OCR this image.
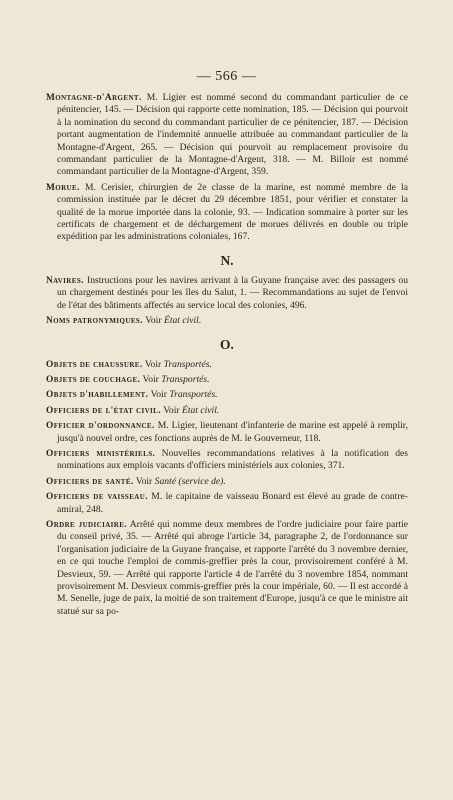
— 566 —

Montagne-d'Argent. M. Ligier est nommé second du commandant particulier de ce pénitencier, 145. — Décision qui rapporte cette nomination, 185. — Décision qui pourvoit à la nomination du second du commandant particulier de ce pénitencier, 187. — Décision portant augmentation de l'indemnité annuelle attribuée au commandant particulier de la Montagne-d'Argent, 265. — Décision qui pourvoit au remplacement provisoire du commandant particulier de la Montagne-d'Argent, 318. — M. Billoir est nommé commandant particulier de la Montagne-d'Argent, 359.

Morue. M. Cerisier, chirurgien de 2e classe de la marine, est nommé membre de la commission instituée par le décret du 29 décembre 1851, pour vérifier et constater la qualité de la morue importée dans la colonie, 93. — Indication sommaire à porter sur les certificats de chargement et de déchargement de morues délivrés en double ou triple expédition par les administrations coloniales, 167.

N.

Navires. Instructions pour les navires arrivant à la Guyane française avec des passagers ou un chargement destinés pour les îles du Salut, 1. — Recommandations au sujet de l'envoi de l'état des bâtiments affectés au service local des colonies, 496.

Noms patronymiques. Voir État civil.

O.

Objets de chaussure. Voir Transportés.

Objets de couchage. Voir Transportés.

Objets d'habillement. Voir Transportés.

Officiers de l'état civil. Voir État civil.

Officier d'ordonnance. M. Ligier, lieutenant d'infanterie de marine est appelé à remplir, jusqu'à nouvel ordre, ces fonctions auprès de M. le Gouverneur, 118.

Officiers ministériels. Nouvelles recommandations relatives à la notification des nominations aux emplois vacants d'officiers ministériels aux colonies, 371.

Officiers de santé. Voir Santé (service de).

Officiers de vaisseau. M. le capitaine de vaisseau Bonard est élevé au grade de contre-amiral, 248.

Ordre judiciaire. Arrêté qui nomme deux membres de l'ordre judiciaire pour faire partie du conseil privé, 35. — Arrêté qui abroge l'article 34, paragraphe 2, de l'ordonnance sur l'organisation judiciaire de la Guyane française, et rapporte l'arrêté du 3 novembre dernier, en ce qui touche l'emploi de commis-greffier près la cour, provisoirement conféré à M. Desvieux, 59. — Arrêté qui rapporte l'article 4 de l'arrêté du 3 novembre 1854, nommant provisoirement M. Desvieux commis-greffier près la cour impériale, 60. — Il est accordé à M. Senelle, juge de paix, la moitié de son traitement d'Europe, jusqu'à ce que le ministre ait statué sur sa po-
